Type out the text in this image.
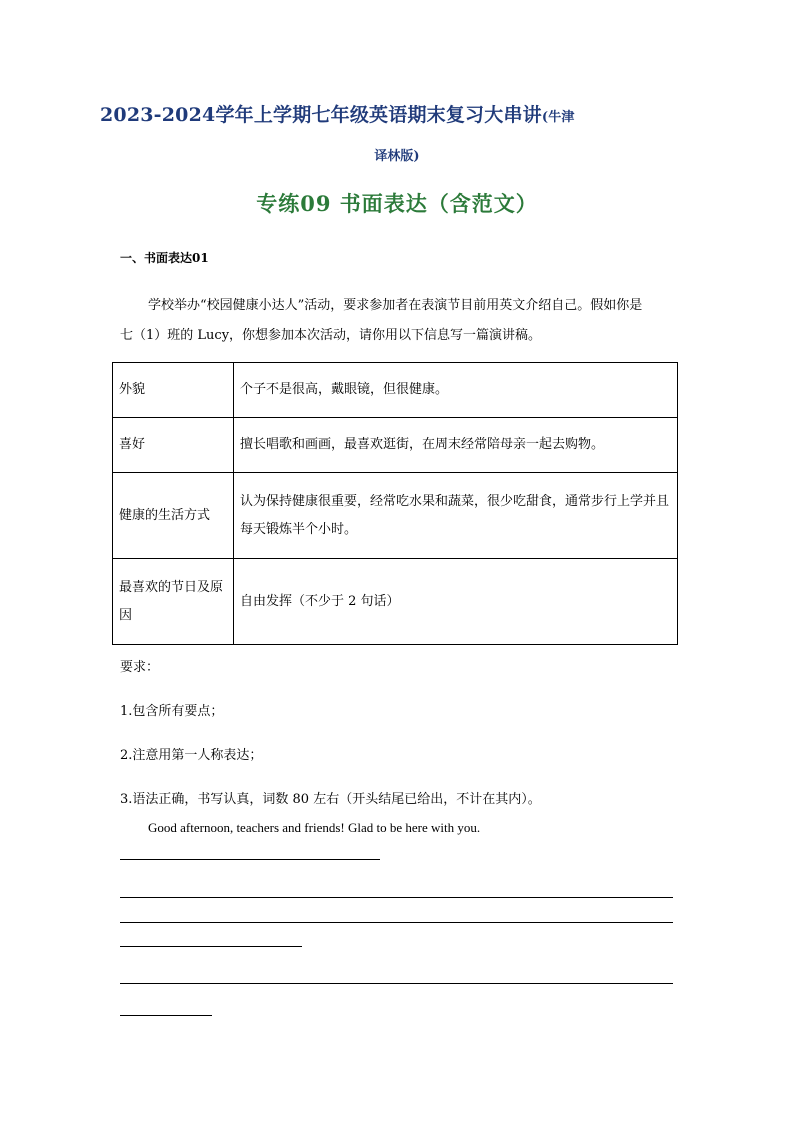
2023-2024学年上学期七年级英语期末复习大串讲(牛津
译林版)
专练09 书面表达（含范文）
一、书面表达01
学校举办“校园健康小达人”活动，要求参加者在表演节目前用英文介绍自己。假如你是
七（1）班的 Lucy，你想参加本次活动，请你用以下信息写一篇演讲稿。
外貌	个子不是很高，戴眼镜，但很健康。
喜好	擅长唱歌和画画，最喜欢逛街，在周末经常陪母亲一起去购物。
健康的生活方式	认为保持健康很重要，经常吃水果和蔬菜，很少吃甜食，通常步行上学并且每天锻炼半个小时。
最喜欢的节日及原因	自由发挥（不少于 2 句话）
要求：
1.包含所有要点；
2.注意用第一人称表达；
3.语法正确，书写认真，词数 80 左右（开头结尾已给出，不计在其内）。
Good afternoon, teachers and friends! Glad to be here with you.
